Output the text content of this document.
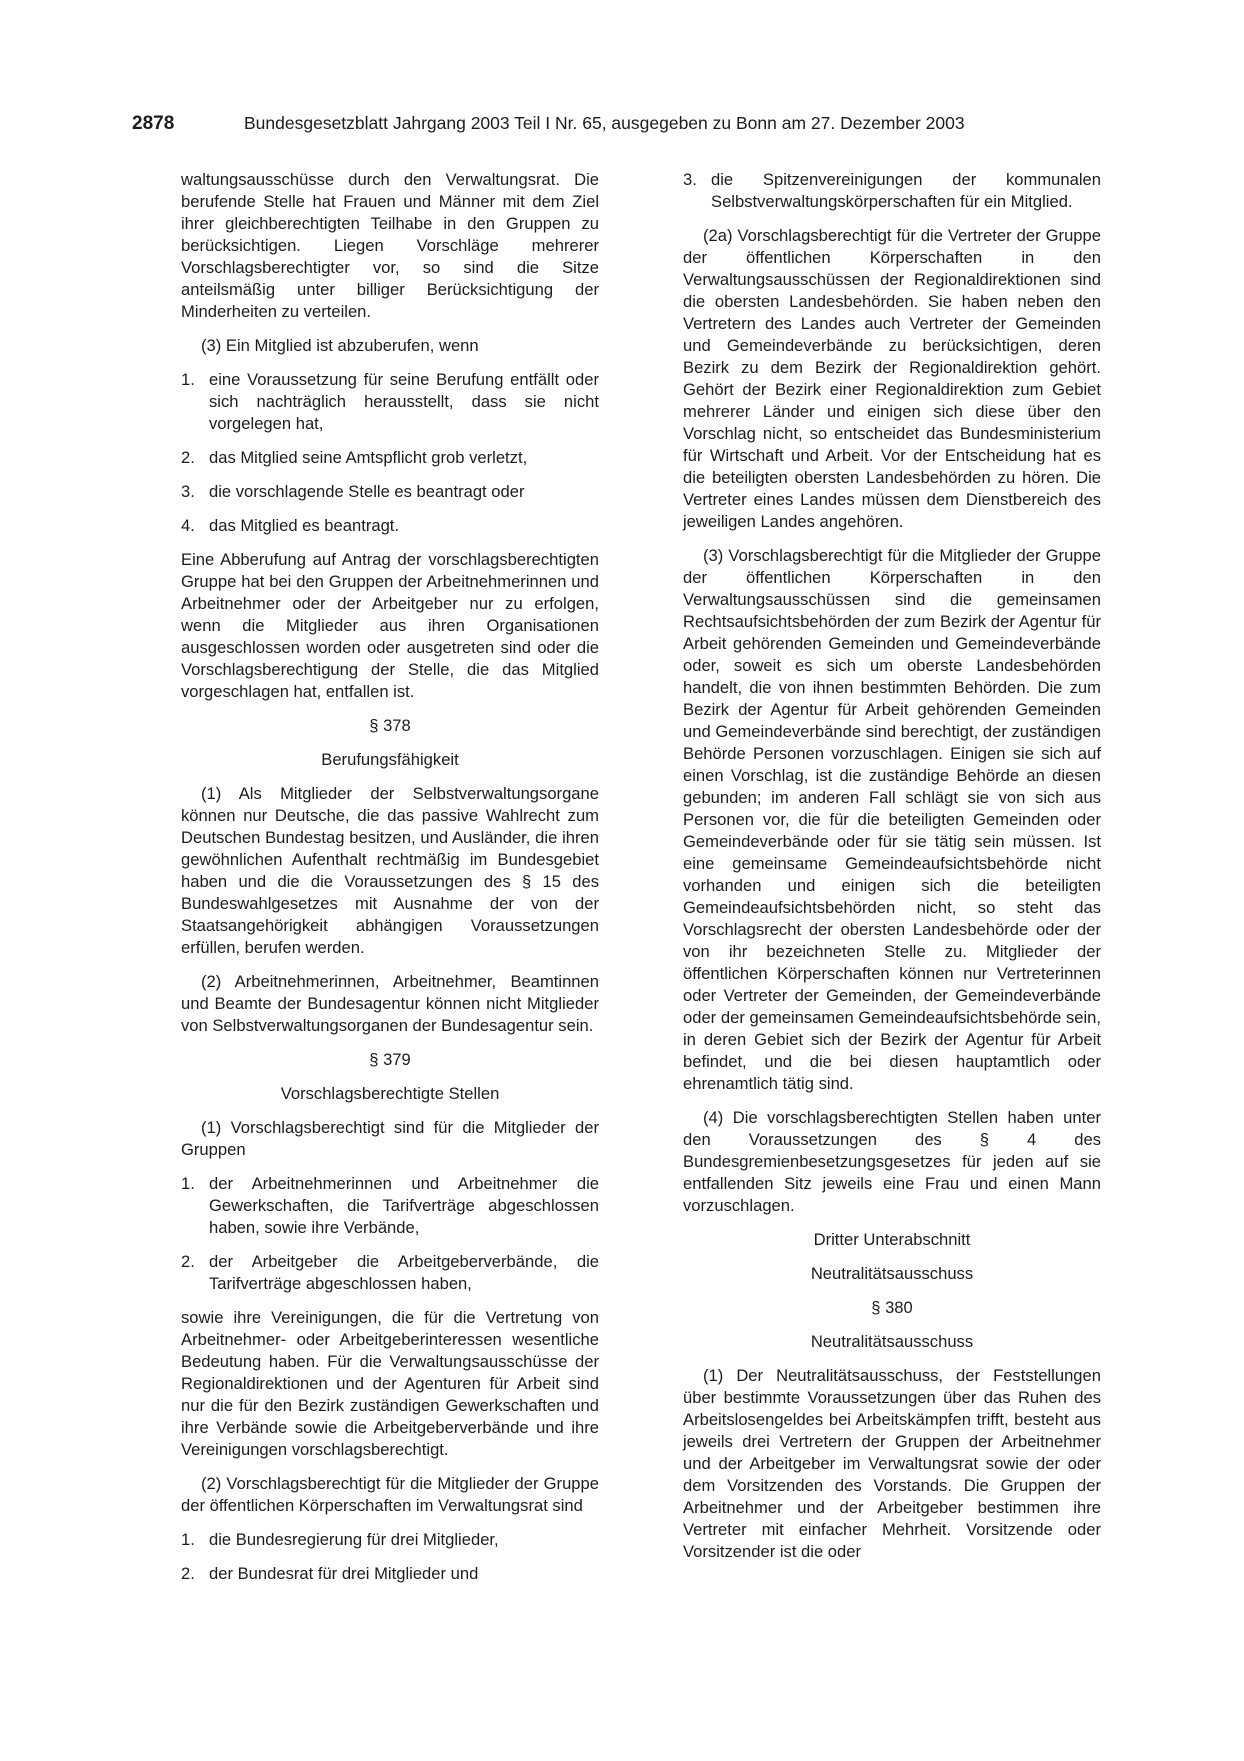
2878	Bundesgesetzblatt Jahrgang 2003 Teil I Nr. 65, ausgegeben zu Bonn am 27. Dezember 2003

waltungsausschüsse durch den Verwaltungsrat. Die berufende Stelle hat Frauen und Männer mit dem Ziel ihrer gleichberechtigten Teilhabe in den Gruppen zu berücksichtigen. Liegen Vorschläge mehrerer Vorschlagsberechtigter vor, so sind die Sitze anteilsmäßig unter billiger Berücksichtigung der Minderheiten zu verteilen.

(3) Ein Mitglied ist abzuberufen, wenn

1. eine Voraussetzung für seine Berufung entfällt oder sich nachträglich herausstellt, dass sie nicht vorgelegen hat,
2. das Mitglied seine Amtspflicht grob verletzt,
3. die vorschlagende Stelle es beantragt oder
4. das Mitglied es beantragt.

Eine Abberufung auf Antrag der vorschlagsberechtigten Gruppe hat bei den Gruppen der Arbeitnehmerinnen und Arbeitnehmer oder der Arbeitgeber nur zu erfolgen, wenn die Mitglieder aus ihren Organisationen ausgeschlossen worden oder ausgetreten sind oder die Vorschlagsberechtigung der Stelle, die das Mitglied vorgeschlagen hat, entfallen ist.

§ 378

Berufungsfähigkeit

(1) Als Mitglieder der Selbstverwaltungsorgane können nur Deutsche, die das passive Wahlrecht zum Deutschen Bundestag besitzen, und Ausländer, die ihren gewöhnlichen Aufenthalt rechtmäßig im Bundesgebiet haben und die die Voraussetzungen des § 15 des Bundeswahlgesetzes mit Ausnahme der von der Staatsangehörigkeit abhängigen Voraussetzungen erfüllen, berufen werden.

(2) Arbeitnehmerinnen, Arbeitnehmer, Beamtinnen und Beamte der Bundesagentur können nicht Mitglieder von Selbstverwaltungsorganen der Bundesagentur sein.

§ 379

Vorschlagsberechtigte Stellen

(1) Vorschlagsberechtigt sind für die Mitglieder der Gruppen

1. der Arbeitnehmerinnen und Arbeitnehmer die Gewerkschaften, die Tarifverträge abgeschlossen haben, sowie ihre Verbände,
2. der Arbeitgeber die Arbeitgeberverbände, die Tarifverträge abgeschlossen haben,

sowie ihre Vereinigungen, die für die Vertretung von Arbeitnehmer- oder Arbeitgeberinteressen wesentliche Bedeutung haben. Für die Verwaltungsausschüsse der Regionaldirektionen und der Agenturen für Arbeit sind nur die für den Bezirk zuständigen Gewerkschaften und ihre Verbände sowie die Arbeitgeberverbände und ihre Vereinigungen vorschlagsberechtigt.

(2) Vorschlagsberechtigt für die Mitglieder der Gruppe der öffentlichen Körperschaften im Verwaltungsrat sind

1. die Bundesregierung für drei Mitglieder,
2. der Bundesrat für drei Mitglieder und
3. die Spitzenvereinigungen der kommunalen Selbstverwaltungskörperschaften für ein Mitglied.

(2a) Vorschlagsberechtigt für die Vertreter der Gruppe der öffentlichen Körperschaften in den Verwaltungsausschüssen der Regionaldirektionen sind die obersten Landesbehörden. Sie haben neben den Vertretern des Landes auch Vertreter der Gemeinden und Gemeindeverbände zu berücksichtigen, deren Bezirk zu dem Bezirk der Regionaldirektion gehört. Gehört der Bezirk einer Regionaldirektion zum Gebiet mehrerer Länder und einigen sich diese über den Vorschlag nicht, so entscheidet das Bundesministerium für Wirtschaft und Arbeit. Vor der Entscheidung hat es die beteiligten obersten Landesbehörden zu hören. Die Vertreter eines Landes müssen dem Dienstbereich des jeweiligen Landes angehören.

(3) Vorschlagsberechtigt für die Mitglieder der Gruppe der öffentlichen Körperschaften in den Verwaltungsausschüssen sind die gemeinsamen Rechtsaufsichtsbehörden der zum Bezirk der Agentur für Arbeit gehörenden Gemeinden und Gemeindeverbände oder, soweit es sich um oberste Landesbehörden handelt, die von ihnen bestimmten Behörden. Die zum Bezirk der Agentur für Arbeit gehörenden Gemeinden und Gemeindeverbände sind berechtigt, der zuständigen Behörde Personen vorzuschlagen. Einigen sie sich auf einen Vorschlag, ist die zuständige Behörde an diesen gebunden; im anderen Fall schlägt sie von sich aus Personen vor, die für die beteiligten Gemeinden oder Gemeindeverbände oder für sie tätig sein müssen. Ist eine gemeinsame Gemeindeaufsichtsbehörde nicht vorhanden und einigen sich die beteiligten Gemeindeaufsichtsbehörden nicht, so steht das Vorschlagsrecht der obersten Landesbehörde oder der von ihr bezeichneten Stelle zu. Mitglieder der öffentlichen Körperschaften können nur Vertreterinnen oder Vertreter der Gemeinden, der Gemeindeverbände oder der gemeinsamen Gemeindeaufsichtsbehörde sein, in deren Gebiet sich der Bezirk der Agentur für Arbeit befindet, und die bei diesen hauptamtlich oder ehrenamtlich tätig sind.

(4) Die vorschlagsberechtigten Stellen haben unter den Voraussetzungen des § 4 des Bundesgremienbesetzungsgesetzes für jeden auf sie entfallenden Sitz jeweils eine Frau und einen Mann vorzuschlagen.

Dritter Unterabschnitt

Neutralitätsausschuss

§ 380

Neutralitätsausschuss

(1) Der Neutralitätsausschuss, der Feststellungen über bestimmte Voraussetzungen über das Ruhen des Arbeitslosengeldes bei Arbeitskämpfen trifft, besteht aus jeweils drei Vertretern der Gruppen der Arbeitnehmer und der Arbeitgeber im Verwaltungsrat sowie der oder dem Vorsitzenden des Vorstands. Die Gruppen der Arbeitnehmer und der Arbeitgeber bestimmen ihre Vertreter mit einfacher Mehrheit. Vorsitzende oder Vorsitzender ist die oder
